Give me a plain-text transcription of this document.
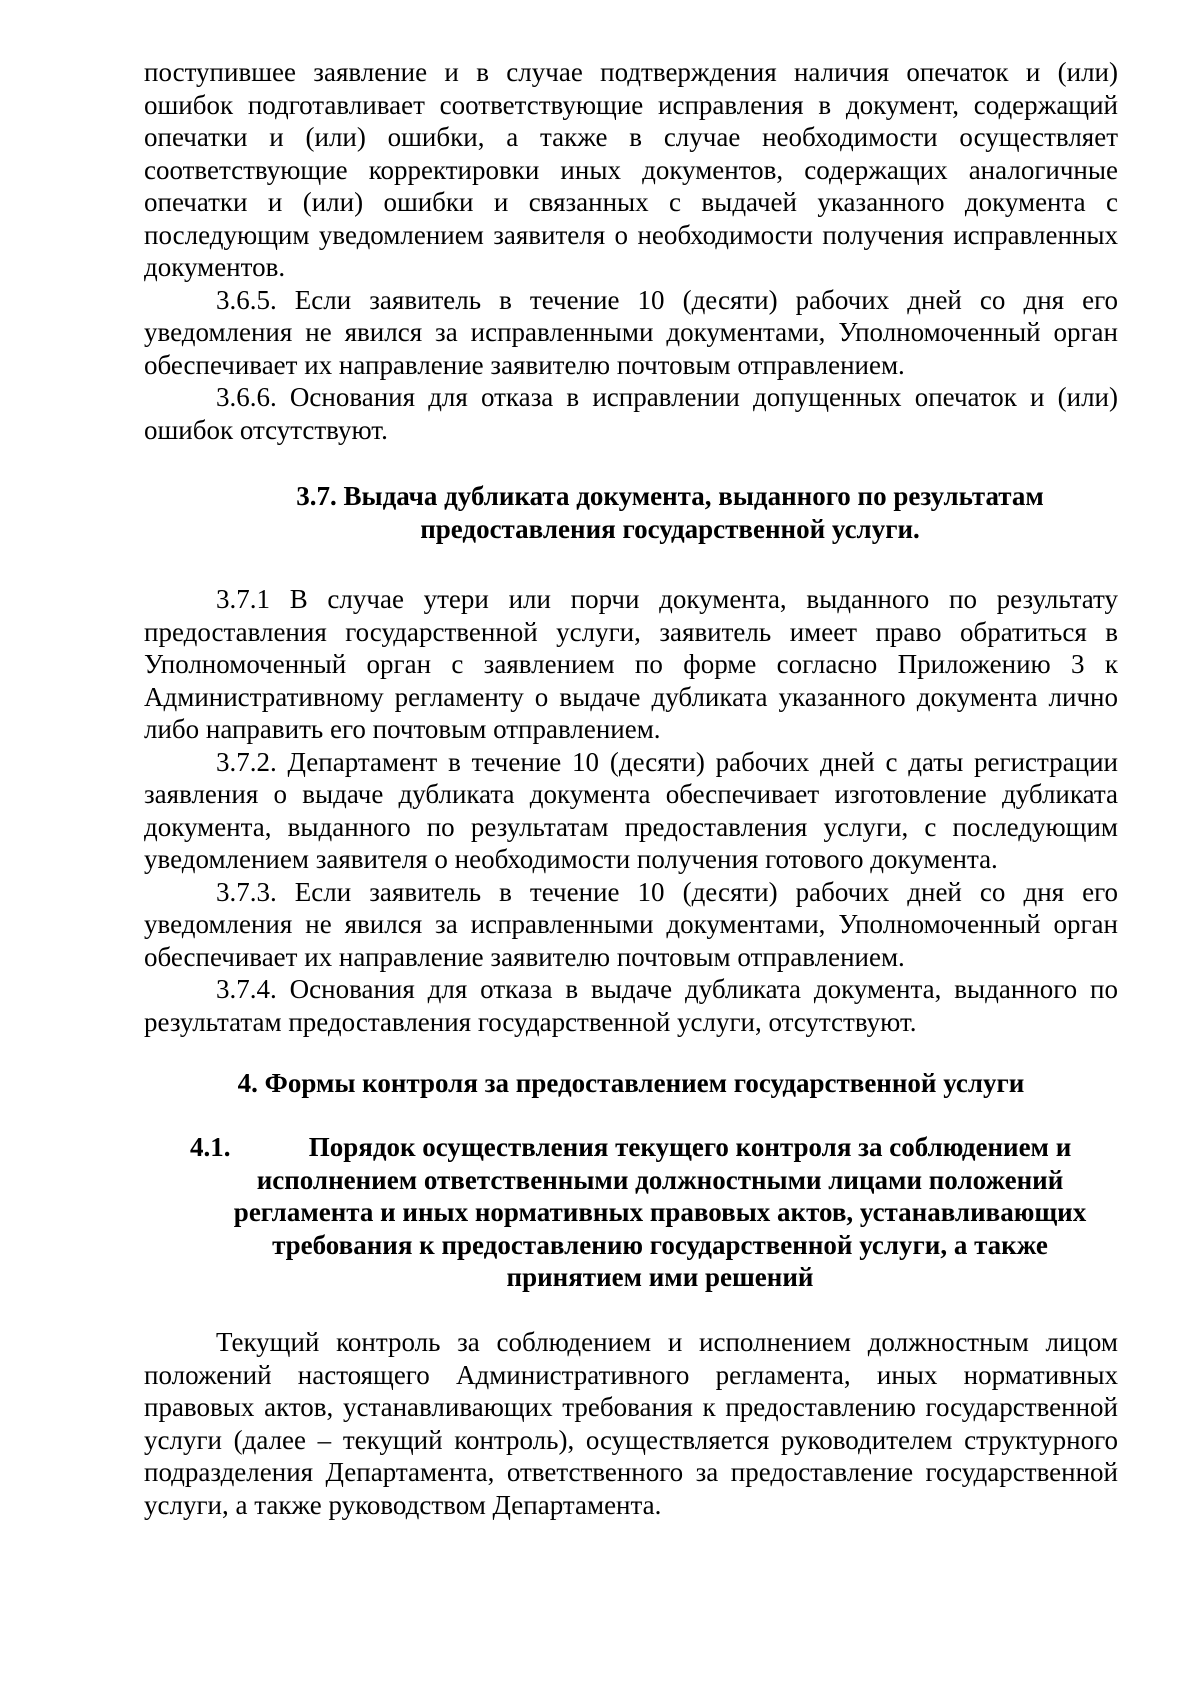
поступившее заявление и в случае подтверждения наличия опечаток и (или) ошибок подготавливает соответствующие исправления в документ, содержащий опечатки и (или) ошибки, а также в случае необходимости осуществляет соответствующие корректировки иных документов, содержащих аналогичные опечатки и (или) ошибки и связанных с выдачей указанного документа с последующим уведомлением заявителя о необходимости получения исправленных документов.

3.6.5. Если заявитель в течение 10 (десяти) рабочих дней со дня его уведомления не явился за исправленными документами, Уполномоченный орган обеспечивает их направление заявителю почтовым отправлением.

3.6.6. Основания для отказа в исправлении допущенных опечаток и (или) ошибок отсутствуют.

3.7. Выдача дубликата документа, выданного по результатам

предоставления государственной услуги.

3.7.1 В случае утери или порчи документа, выданного по результату предоставления государственной услуги, заявитель имеет право обратиться в Уполномоченный орган с заявлением по форме согласно Приложению 3 к Административному регламенту о выдаче дубликата указанного документа лично либо направить его почтовым отправлением.

3.7.2. Департамент в течение 10 (десяти) рабочих дней с даты регистрации заявления о выдаче дубликата документа обеспечивает изготовление дубликата документа, выданного по результатам предоставления услуги, с последующим уведомлением заявителя о необходимости получения готового документа.

3.7.3. Если заявитель в течение 10 (десяти) рабочих дней со дня его уведомления не явился за исправленными документами, Уполномоченный орган обеспечивает их направление заявителю почтовым отправлением.

3.7.4. Основания для отказа в выдаче дубликата документа, выданного по результатам предоставления государственной услуги, отсутствуют.

4. Формы контроля за предоставлением государственной услуги

4.1.	Порядок осуществления текущего контроля за соблюдением и

исполнением ответственными должностными лицами положений

регламента и иных нормативных правовых актов, устанавливающих

требования к предоставлению государственной услуги, а также

принятием ими решений

Текущий контроль за соблюдением и исполнением должностным лицом положений настоящего Административного регламента, иных нормативных правовых актов, устанавливающих требования к предоставлению государственной услуги (далее – текущий контроль), осуществляется руководителем структурного подразделения Департамента, ответственного за предоставление государственной услуги, а также руководством Департамента.
